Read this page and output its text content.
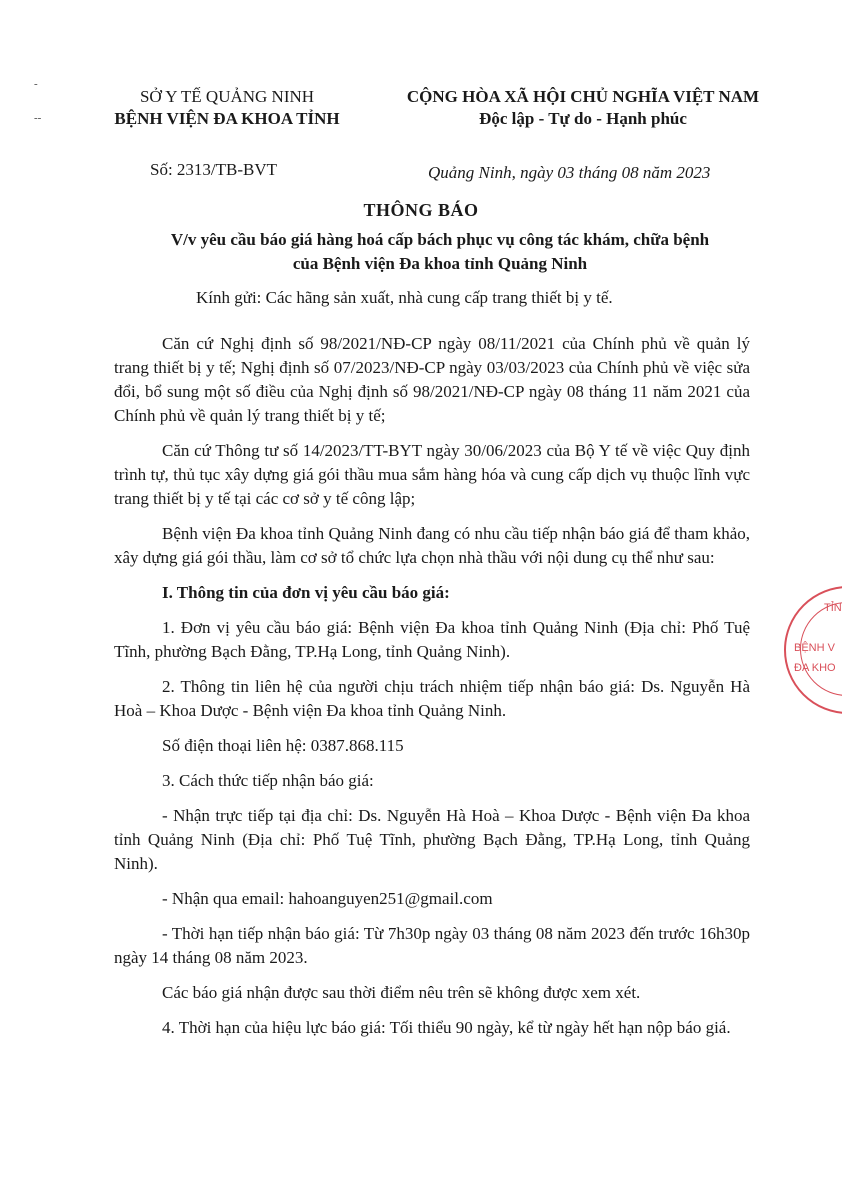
-
--
SỞ Y TẾ QUẢNG NINH
BỆNH VIỆN ĐA KHOA TỈNH
CỘNG HÒA XÃ HỘI CHỦ NGHĨA VIỆT NAM
Độc lập - Tự do - Hạnh phúc
Số: 2313/TB-BVT	Quảng Ninh, ngày 03 tháng 08 năm 2023
THÔNG BÁO
V/v yêu cầu báo giá hàng hoá cấp bách phục vụ công tác khám, chữa bệnh
của Bệnh viện Đa khoa tỉnh Quảng Ninh
Kính gửi: Các hãng sản xuất, nhà cung cấp trang thiết bị y tế.

Căn cứ Nghị định số 98/2021/NĐ-CP ngày 08/11/2021 của Chính phủ về quản lý trang thiết bị y tế; Nghị định số 07/2023/NĐ-CP ngày 03/03/2023 của Chính phủ về việc sửa đổi, bổ sung một số điều của Nghị định số 98/2021/NĐ-CP ngày 08 tháng 11 năm 2021 của Chính phủ về quản lý trang thiết bị y tế;

Căn cứ Thông tư số 14/2023/TT-BYT ngày 30/06/2023 của Bộ Y tế về việc Quy định trình tự, thủ tục xây dựng giá gói thầu mua sắm hàng hóa và cung cấp dịch vụ thuộc lĩnh vực trang thiết bị y tế tại các cơ sở y tế công lập;

Bệnh viện Đa khoa tỉnh Quảng Ninh đang có nhu cầu tiếp nhận báo giá để tham khảo, xây dựng giá gói thầu, làm cơ sở tổ chức lựa chọn nhà thầu với nội dung cụ thể như sau:

I. Thông tin của đơn vị yêu cầu báo giá:

1. Đơn vị yêu cầu báo giá: Bệnh viện Đa khoa tỉnh Quảng Ninh (Địa chỉ: Phố Tuệ Tĩnh, phường Bạch Đằng, TP.Hạ Long, tỉnh Quảng Ninh).

2. Thông tin liên hệ của người chịu trách nhiệm tiếp nhận báo giá: Ds. Nguyễn Hà Hoà – Khoa Dược - Bệnh viện Đa khoa tỉnh Quảng Ninh.

Số điện thoại liên hệ: 0387.868.115

3. Cách thức tiếp nhận báo giá:

- Nhận trực tiếp tại địa chỉ: Ds. Nguyễn Hà Hoà – Khoa Dược - Bệnh viện Đa khoa tỉnh Quảng Ninh (Địa chỉ: Phố Tuệ Tĩnh, phường Bạch Đằng, TP.Hạ Long, tỉnh Quảng Ninh).

- Nhận qua email: hahoanguyen251@gmail.com

- Thời hạn tiếp nhận báo giá: Từ 7h30p ngày 03 tháng 08 năm 2023 đến trước 16h30p ngày 14 tháng 08 năm 2023.

Các báo giá nhận được sau thời điểm nêu trên sẽ không được xem xét.

4. Thời hạn của hiệu lực báo giá: Tối thiểu 90 ngày, kể từ ngày hết hạn nộp báo giá.

TỈN
BỆNH V
ĐA KHO
